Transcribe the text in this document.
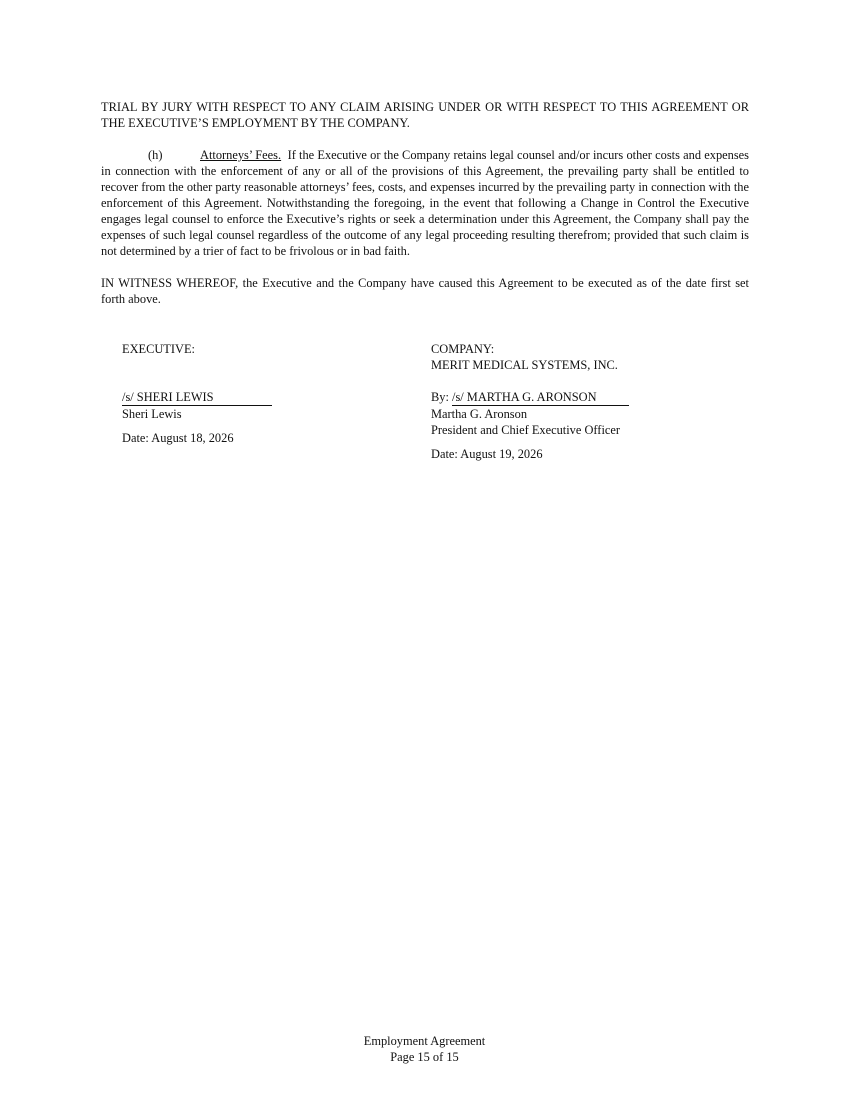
TRIAL BY JURY WITH RESPECT TO ANY CLAIM ARISING UNDER OR WITH RESPECT TO THIS AGREEMENT OR THE EXECUTIVE’S EMPLOYMENT BY THE COMPANY.

(h)	Attorneys’ Fees. If the Executive or the Company retains legal counsel and/or incurs other costs and expenses in connection with the enforcement of any or all of the provisions of this Agreement, the prevailing party shall be entitled to recover from the other party reasonable attorneys’ fees, costs, and expenses incurred by the prevailing party in connection with the enforcement of this Agreement. Notwithstanding the foregoing, in the event that following a Change in Control the Executive engages legal counsel to enforce the Executive’s rights or seek a determination under this Agreement, the Company shall pay the expenses of such legal counsel regardless of the outcome of any legal proceeding resulting therefrom; provided that such claim is not determined by a trier of fact to be frivolous or in bad faith.

IN WITNESS WHEREOF, the Executive and the Company have caused this Agreement to be executed as of the date first set forth above.

EXECUTIVE:
/s/ SHERI LEWIS
Sheri Lewis
Date: August 18, 2026
COMPANY:
MERIT MEDICAL SYSTEMS, INC.
By: /s/ MARTHA G. ARONSON
Martha G. Aronson
President and Chief Executive Officer
Date: August 19, 2026
Employment Agreement
Page 15 of 15
